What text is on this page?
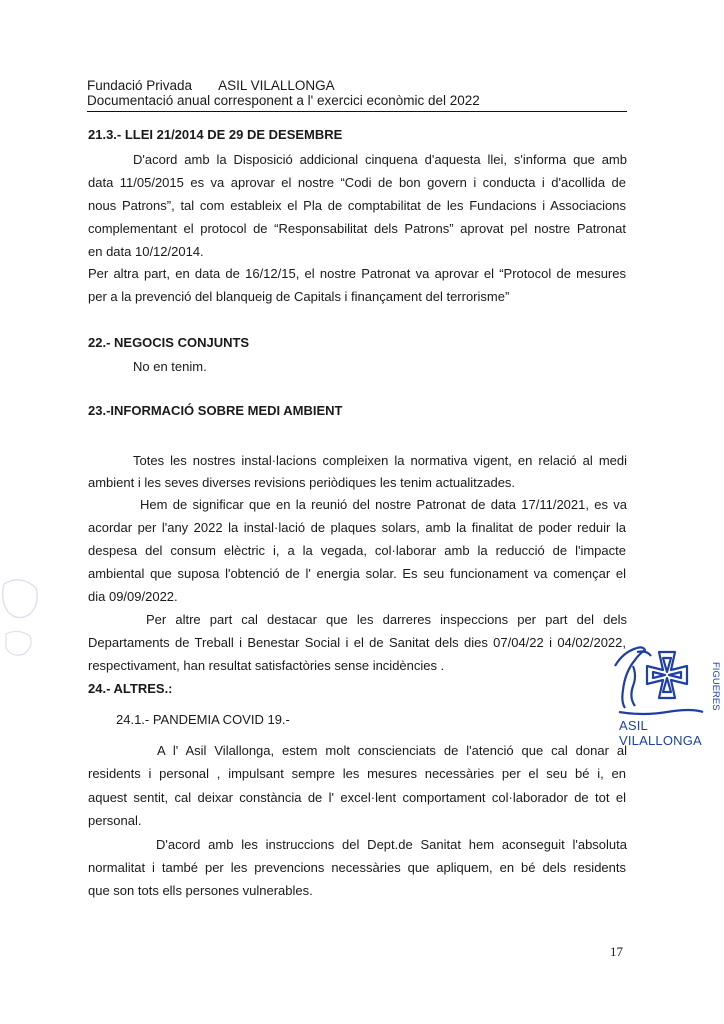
Fundació Privada ASIL VILALLONGA
Documentació anual corresponent a l' exercici econòmic del 2022
21.3.- LLEI 21/2014 DE 29 DE DESEMBRE
D'acord amb la Disposició addicional cinquena d'aquesta llei, s'informa que amb
data 11/05/2015 es va aprovar el nostre “Codi de bon govern i conducta i d'acollida de
nous Patrons”, tal com estableix el Pla de comptabilitat de les Fundacions i Associacions
complementant el protocol de “Responsabilitat dels Patrons” aprovat pel nostre Patronat
en data 10/12/2014.
Per altra part, en data de 16/12/15, el nostre Patronat va aprovar el “Protocol de mesures
per a la prevenció del blanqueig de Capitals i finançament del terrorisme”
22.- NEGOCIS CONJUNTS
No en tenim.
23.-INFORMACIÓ SOBRE MEDI AMBIENT
Totes les nostres instal·lacions compleixen la normativa vigent, en relació al medi
ambient i les seves diverses revisions periòdiques les tenim actualitzades.
Hem de significar que en la reunió del nostre Patronat de data 17/11/2021, es va
acordar per l'any 2022 la instal·lació de plaques solars, amb la finalitat de poder reduir la
despesa del consum elèctric i, a la vegada, col·laborar amb la reducció de l'impacte
ambiental que suposa l'obtenció de l' energia solar. Es seu funcionament va començar el
dia 09/09/2022.
Per altre part cal destacar que les darreres inspeccions per part del dels
Departaments de Treball i Benestar Social i el de Sanitat dels dies 07/04/22 i 04/02/2022,
respectivament, han resultat satisfactòries sense incidències .
24.- ALTRES.:
24.1.- PANDEMIA COVID 19.-
A l' Asil Vilallonga, estem molt conscienciats de l'atenció que cal donar al
residents i personal , impulsant sempre les mesures necessàries per el seu bé i, en
aquest sentit, cal deixar constància de l' excel·lent comportament col·laborador de tot el
personal.
D'acord amb les instruccions del Dept.de Sanitat hem aconseguit l'absoluta
normalitat i també per les prevencions necessàries que apliquem, en bé dels residents
que son tots ells persones vulnerables.
FIGUERES
ASIL
VILALLONGA
17
